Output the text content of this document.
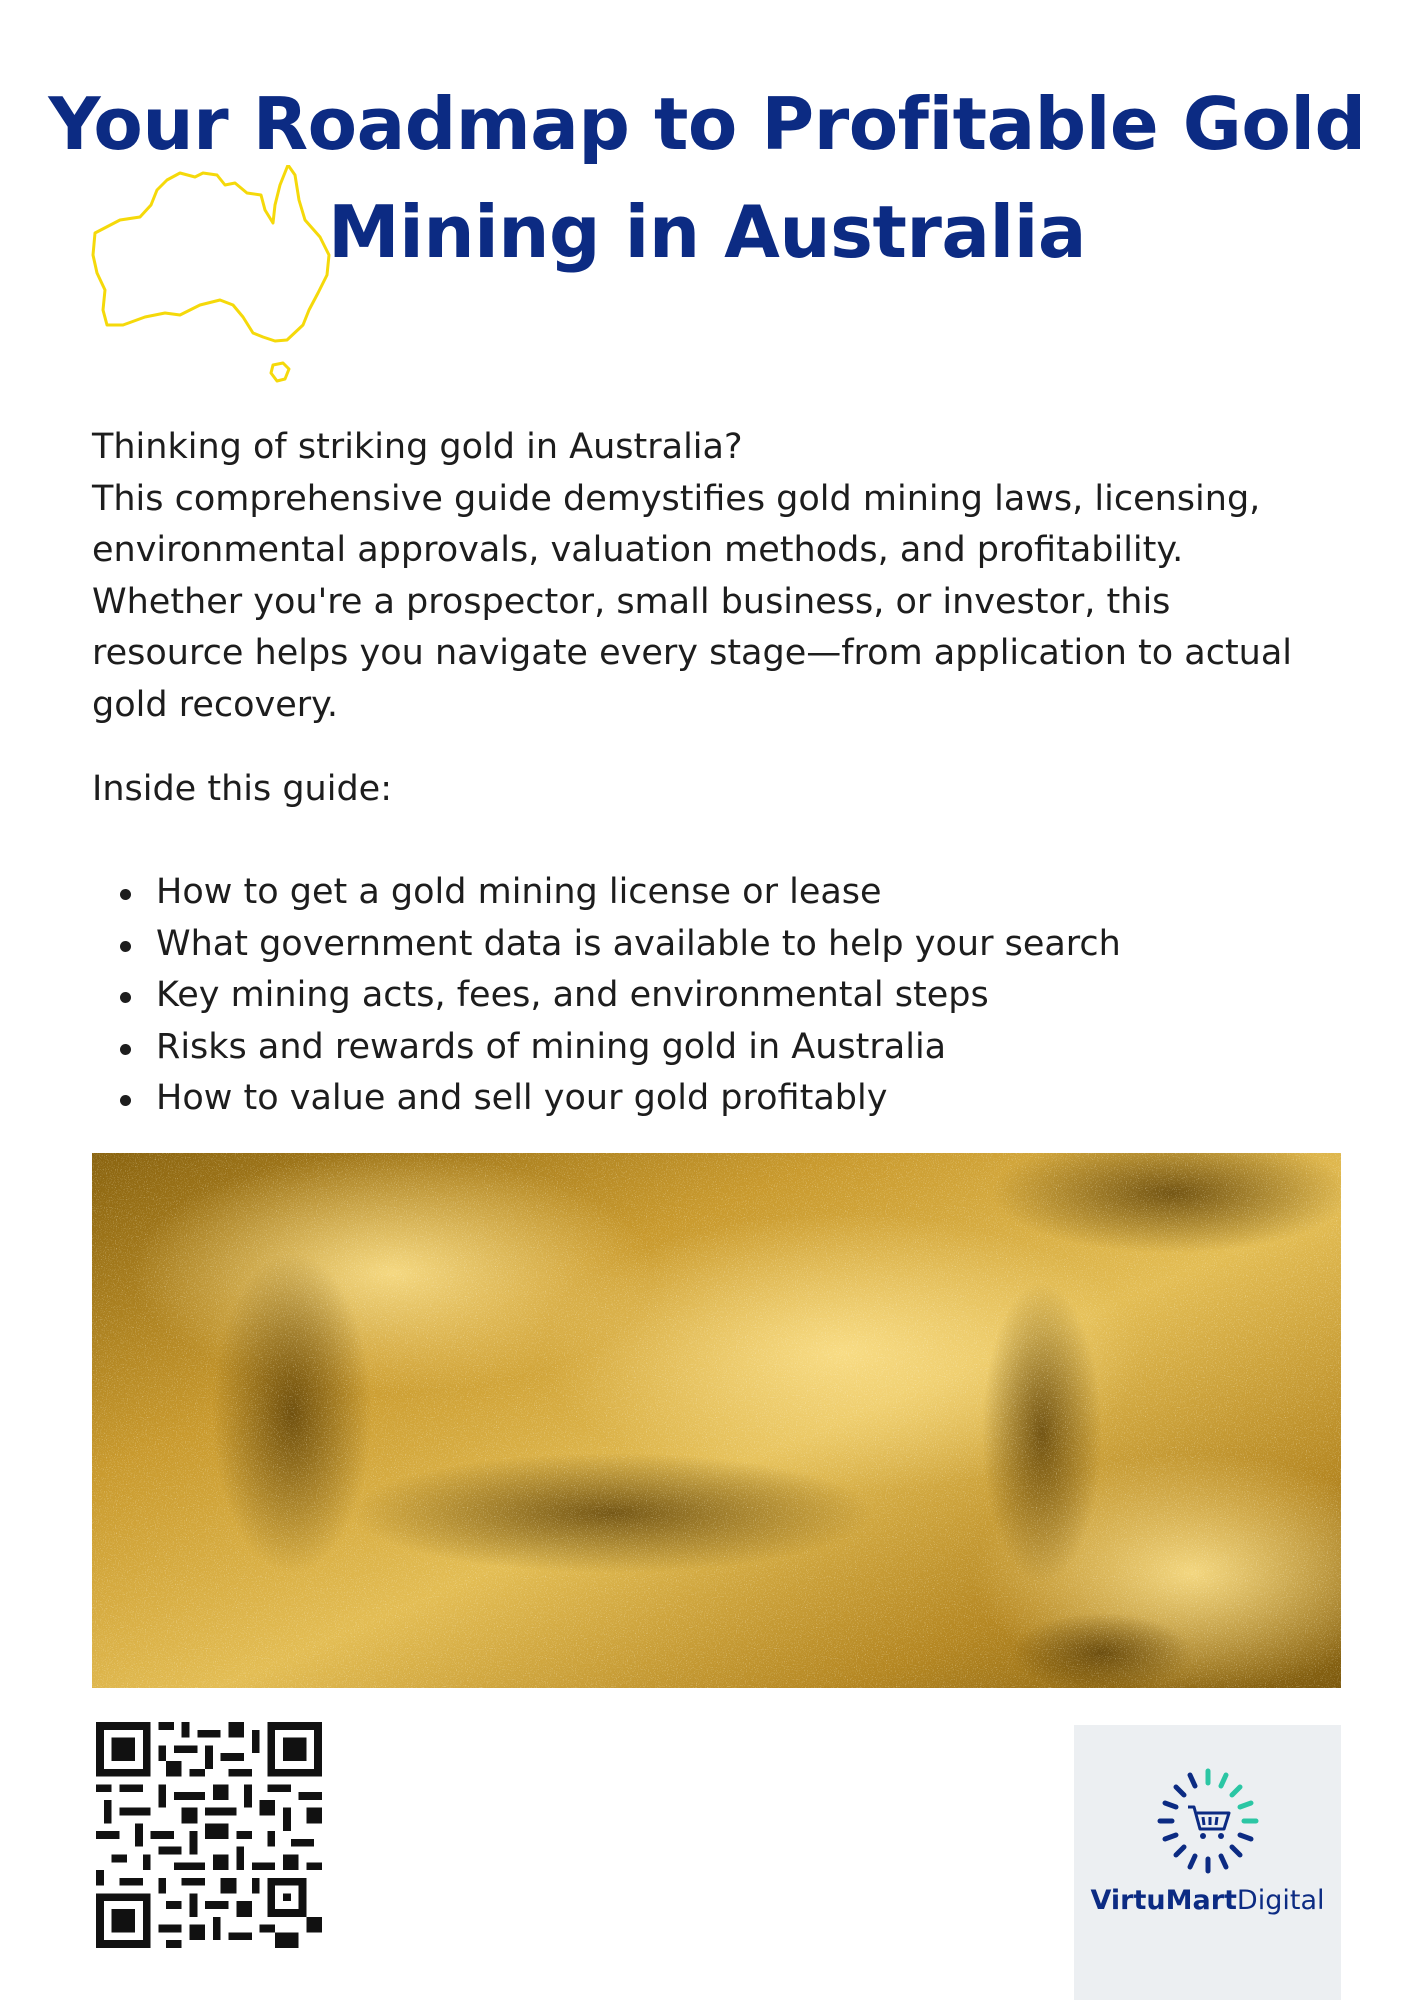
Your Roadmap to Profitable Gold Mining in Australia

Thinking of striking gold in Australia?

This comprehensive guide demystifies gold mining laws, licensing, environmental approvals, valuation methods, and profitability. Whether you're a prospector, small business, or investor, this resource helps you navigate every stage—from application to actual gold recovery.

Inside this guide:

How to get a gold mining license or lease
What government data is available to help your search
Key mining acts, fees, and environmental steps
Risks and rewards of mining gold in Australia
How to value and sell your gold profitably
VirtuMartDigital
